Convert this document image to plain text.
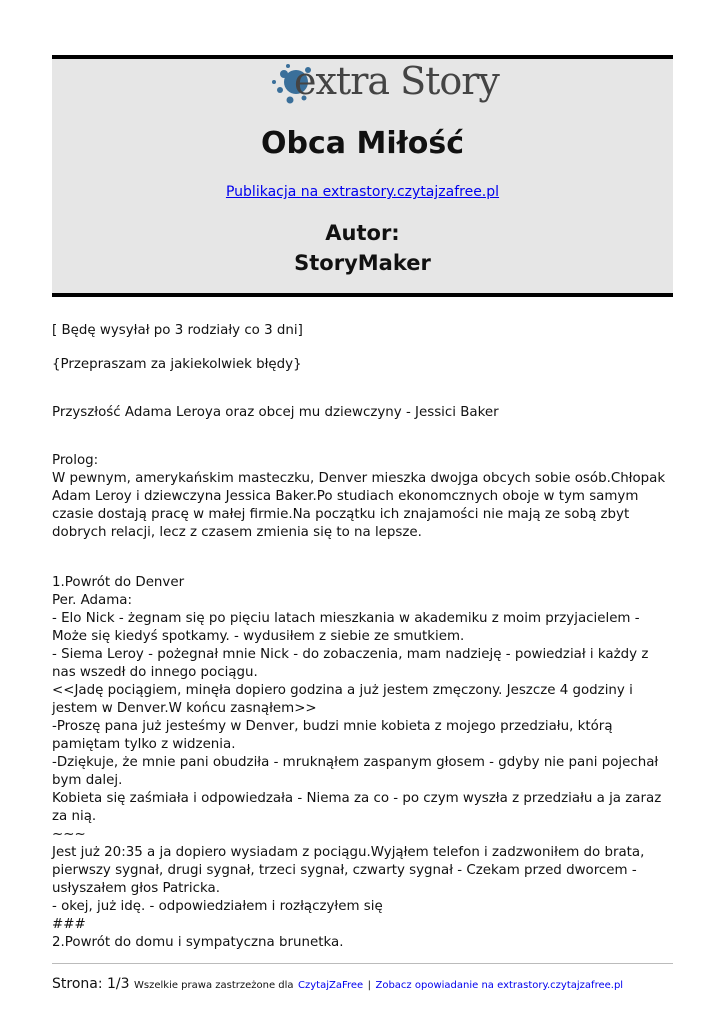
extra Story
Obca Miłość
Publikacja na extrastory.czytajzafree.pl
Autor:
StoryMaker

[ Będę wysyłał po 3 rodziały co 3 dni]

{Przepraszam za jakiekolwiek błędy}

Przyszłość Adama Leroya oraz obcej mu dziewczyny - Jessici Baker

Prolog:

W pewnym, amerykańskim masteczku, Denver mieszka dwojga obcych sobie osób.Chłopak

Adam Leroy i dziewczyna Jessica Baker.Po studiach ekonomcznych oboje w tym samym

czasie dostają pracę w małej firmie.Na początku ich znajamości nie mają ze sobą zbyt

dobrych relacji, lecz z czasem zmienia się to na lepsze.

1.Powrót do Denver

Per. Adama:

- Elo Nick - żegnam się po pięciu latach mieszkania w akademiku z moim przyjacielem -

Może się kiedyś spotkamy. - wydusiłem z siebie ze smutkiem.

- Siema Leroy - pożegnał mnie Nick - do zobaczenia, mam nadzieję - powiedział i każdy z

nas wszedł do innego pociągu.

<<Jadę pociągiem, minęła dopiero godzina a już jestem zmęczony. Jeszcze 4 godziny i

jestem w Denver.W końcu zasnąłem>>

-Proszę pana już jesteśmy w Denver, budzi mnie kobieta z mojego przedziału, którą

pamiętam tylko z widzenia.

-Dziękuje, że mnie pani obudziła - mruknąłem zaspanym głosem - gdyby nie pani pojechał

bym dalej.

Kobieta się zaśmiała i odpowiedzała - Niema za co - po czym wyszła z przedziału a ja zaraz

za nią.

~~~

Jest już 20:35 a ja dopiero wysiadam z pociągu.Wyjąłem telefon i zadzwoniłem do brata,

pierwszy sygnał, drugi sygnał, trzeci sygnał, czwarty sygnał - Czekam przed dworcem -

usłyszałem głos Patricka.

- okej, już idę. - odpowiedziałem i rozłączyłem się

###

2.Powrót do domu i sympatyczna brunetka.

Strona: 1/3 Wszelkie prawa zastrzeżone dla CzytajZaFree | Zobacz opowiadanie na extrastory.czytajzafree.pl
